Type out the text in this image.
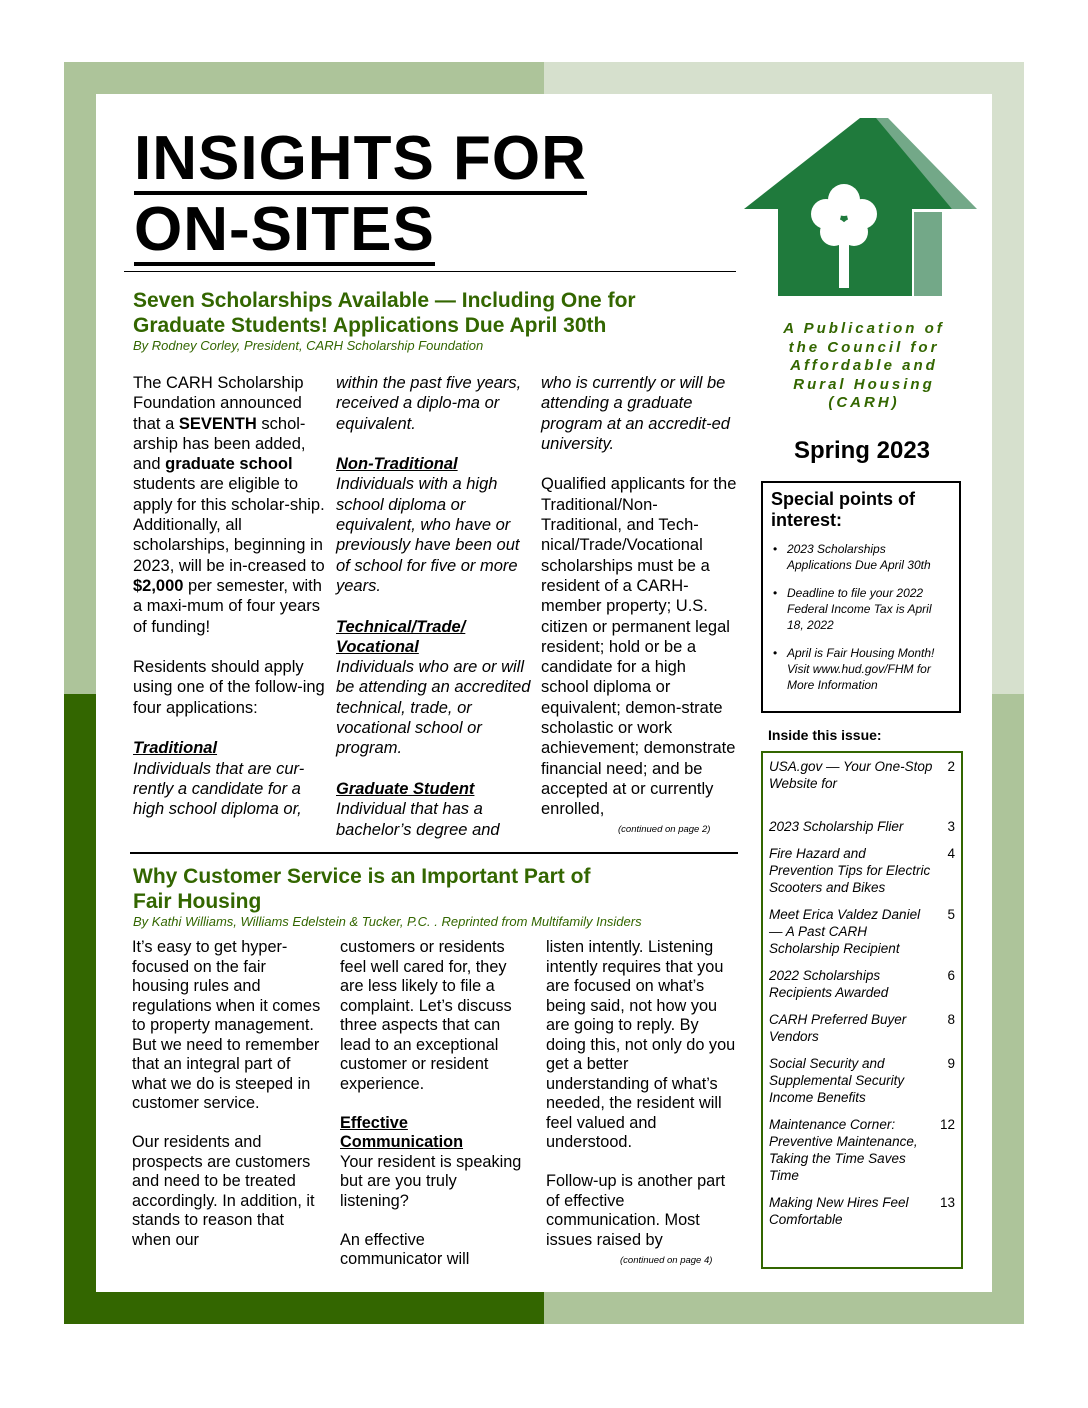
INSIGHTS FOR
ON-SITES
Seven Scholarships Available — Including One for
Graduate Students! Applications Due April 30th
By Rodney Corley, President, CARH Scholarship Foundation

The CARH Scholarship Foundation announced that a SEVENTH schol-arship has been added, and graduate school students are eligible to apply for this scholar-ship. Additionally, all scholarships, beginning in 2023, will be in-creased to $2,000 per semester, with a maxi-mum of four years of funding!

Residents should apply using one of the follow-ing four applications:

Traditional
Individuals that are cur-rently a candidate for a high school diploma or,

within the past five years, received a diplo-ma or equivalent.

Non-Traditional

Individuals with a high school diploma or equivalent, who have or previously have been out of school for five or more years.

Technical/Trade/ Vocational

Individuals who are or will be attending an accredited technical, trade, or vocational school or program.

Graduate Student
Individual that has a bachelor’s degree and

who is currently or will be attending a graduate program at an accredit-ed university.

Qualified applicants for the Traditional/Non-Traditional, and Tech-nical/Trade/Vocational scholarships must be a resident of a CARH-member property; U.S. citizen or permanent legal resident; hold or be a candidate for a high school diploma or equivalent; demon-strate scholastic or work achievement; demonstrate financial need; and be accepted at or currently enrolled,

(continued on page 2)
Why Customer Service is an Important Part of
Fair Housing
By Kathi Williams, Williams Edelstein & Tucker, P.C. . Reprinted from Multifamily Insiders

It’s easy to get hyper-focused on the fair housing rules and regulations when it comes to property management. But we need to remember that an integral part of what we do is steeped in customer service.

Our residents and prospects are customers and need to be treated accordingly. In addition, it stands to reason that when our

customers or residents feel well cared for, they are less likely to file a complaint. Let’s discuss three aspects that can lead to an exceptional customer or resident experience.

Effective Communication

Your resident is speaking but are you truly listening?

An effective communicator will

listen intently. Listening intently requires that you are focused on what’s being said, not how you are going to reply. By doing this, not only do you get a better understanding of what’s needed, the resident will feel valued and understood.

Follow-up is another part of effective communication. Most issues raised by

(continued on page 4)
A Publication of
the Council for
Affordable and
Rural Housing
(CARH)
Spring 2023
Special points of interest:
• 2023 Scholarships Applications Due April 30th
• Deadline to file your 2022 Federal Income Tax is April 18, 2022
• April is Fair Housing Month! Visit www.hud.gov/FHM for More Information
Inside this issue:
USA.gov — Your One-Stop Website for
2
2023 Scholarship Flier	3
Fire Hazard and Prevention Tips for Electric Scooters and Bikes
4
Meet Erica Valdez Daniel — A Past CARH Scholarship Recipient
5
2022 Scholarships Recipients Awarded
6
CARH Preferred Buyer Vendors
8
Social Security and Supplemental Security Income Benefits
9
Maintenance Corner: Preventive Maintenance, Taking the Time Saves Time
12
Making New Hires Feel Comfortable
13
